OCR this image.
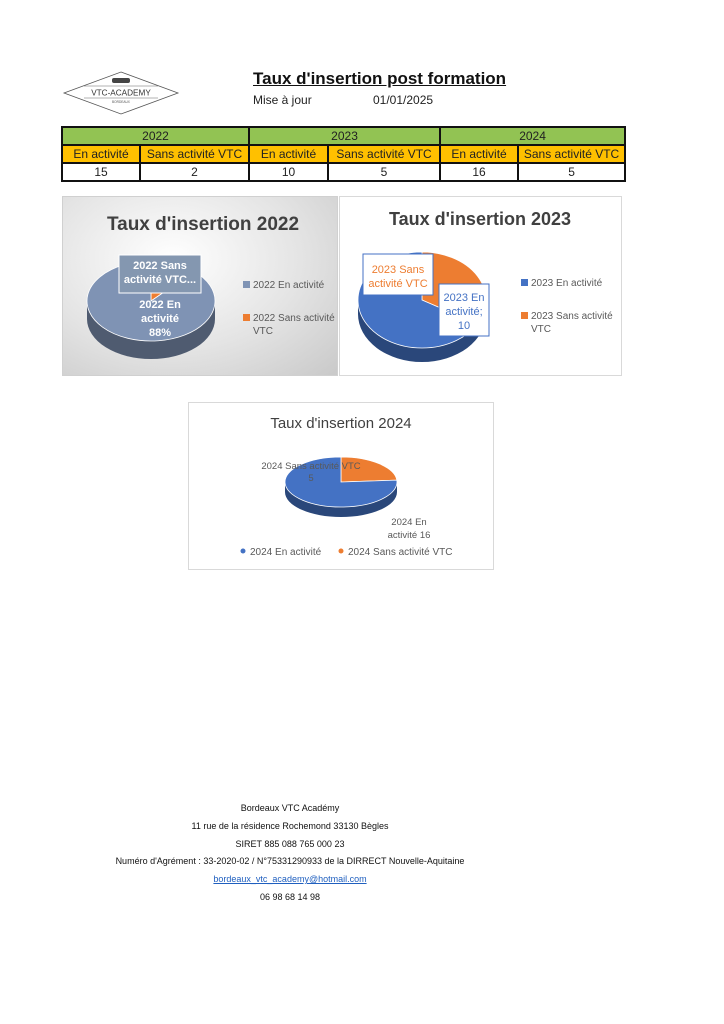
VTC-ACADEMY
BORDEAUX
Taux d'insertion post formation
Mise à jour	01/01/2025
2022		2023		2024	
En activité	Sans activité VTC	En activité	Sans activité VTC	En activité	Sans activité VTC
15	2	10	5	16	5
Taux d'insertion 2022
2022 Sans activité VTC...
2022 En activité 88%
2022 En activité
2022 Sans activité VTC
Taux d'insertion 2023
2023 Sans activité VTC
2023 En activité; 10
2023 En activité
2023 Sans activité VTC
Taux d'insertion 2024
2024 Sans activité VTC 5
2024 En activité 16
2024 En activité	2024 Sans activité VTC
Bordeaux VTC Académy
11 rue de la résidence Rochemond 33130 Bègles
SIRET 885 088 765 000 23
Numéro d'Agrément : 33-2020-02 / N°75331290933 de la DIRRECT Nouvelle-Aquitaine
bordeaux_vtc_academy@hotmail.com
06 98 68 14 98
